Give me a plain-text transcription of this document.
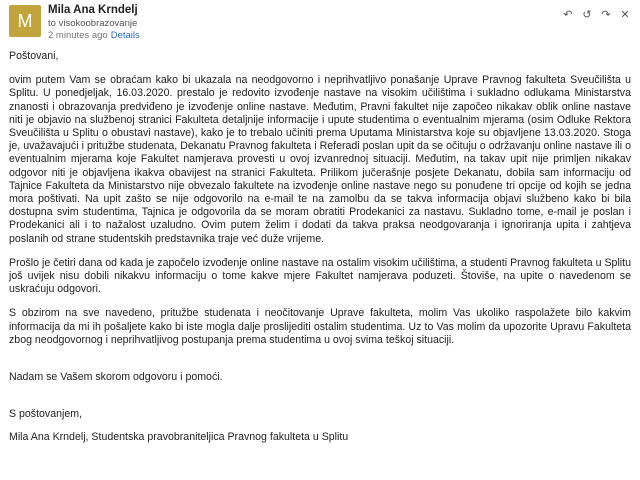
M
Mila Ana Krndelj
to visokoobrazovanje
2 minutes ago Details
↶ ↺ ↷ ✕

Poštovani,

ovim putem Vam se obraćam kako bi ukazala na neodgovorno i neprihvatljivo ponašanje Uprave Pravnog fakulteta Sveučilišta u Splitu. U ponedjeljak, 16.03.2020. prestalo je redovito izvođenje nastave na visokim učilištima i sukladno odlukama Ministarstva znanosti i obrazovanja predviđeno je izvođenje online nastave. Međutim, Pravni fakultet nije započeo nikakav oblik online nastave niti je objavio na službenoj stranici Fakulteta detaljnije informacije i upute studentima o eventualnim mjerama (osim Odluke Rektora Sveučilišta u Splitu o obustavi nastave), kako je to trebalo učiniti prema Uputama Ministarstva koje su objavljene 13.03.2020. Stoga je, uvažavajući i pritužbe studenata, Dekanatu Pravnog fakulteta i Referadi poslan upit da se očituju o održavanju online nastave ili o eventualnim mjerama koje Fakultet namjerava provesti u ovoj izvanrednoj situaciji. Međutim, na takav upit nije primljen nikakav odgovor niti je objavljena ikakva obavijest na stranici Fakulteta. Prilikom jučerašnje posjete Dekanatu, dobila sam informaciju od Tajnice Fakulteta da Ministarstvo nije obvezalo fakultete na izvođenje online nastave nego su ponuđene tri opcije od kojih se jedna mora poštivati. Na upit zašto se nije odgovorilo na e-mail te na zamolbu da se takva informacija objavi službeno kako bi bila dostupna svim studentima, Tajnica je odgovorila da se moram obratiti Prodekanici za nastavu. Sukladno tome, e-mail je poslan i Prodekanici ali i to nažalost uzaludno. Ovim putem želim i dodati da takva praksa neodgovaranja i ignoriranja upita i zahtjeva poslanih od strane studentskih predstavnika traje već duže vrijeme.

Prošlo je četiri dana od kada je započelo izvođenje online nastave na ostalim visokim učilištima, a studenti Pravnog fakulteta u Splitu još uvijek nisu dobili nikakvu informaciju o tome kakve mjere Fakultet namjerava poduzeti. Štoviše, na upite o navedenom se uskraćuju odgovori.

S obzirom na sve navedeno, pritužbe studenata i neočitovanje Uprave fakulteta, molim Vas ukoliko raspolažete bilo kakvim informacija da mi ih pošaljete kako bi iste mogla dalje proslijediti ostalim studentima. Uz to Vas molim da upozorite Upravu Fakulteta zbog neodgovornog i neprihvatljivog postupanja prema studentima u ovoj svima teškoj situaciji.

Nadam se Vašem skorom odgovoru i pomoći.

S poštovanjem,

Mila Ana Krndelj, Studentska pravobraniteljica Pravnog fakulteta u Splitu
